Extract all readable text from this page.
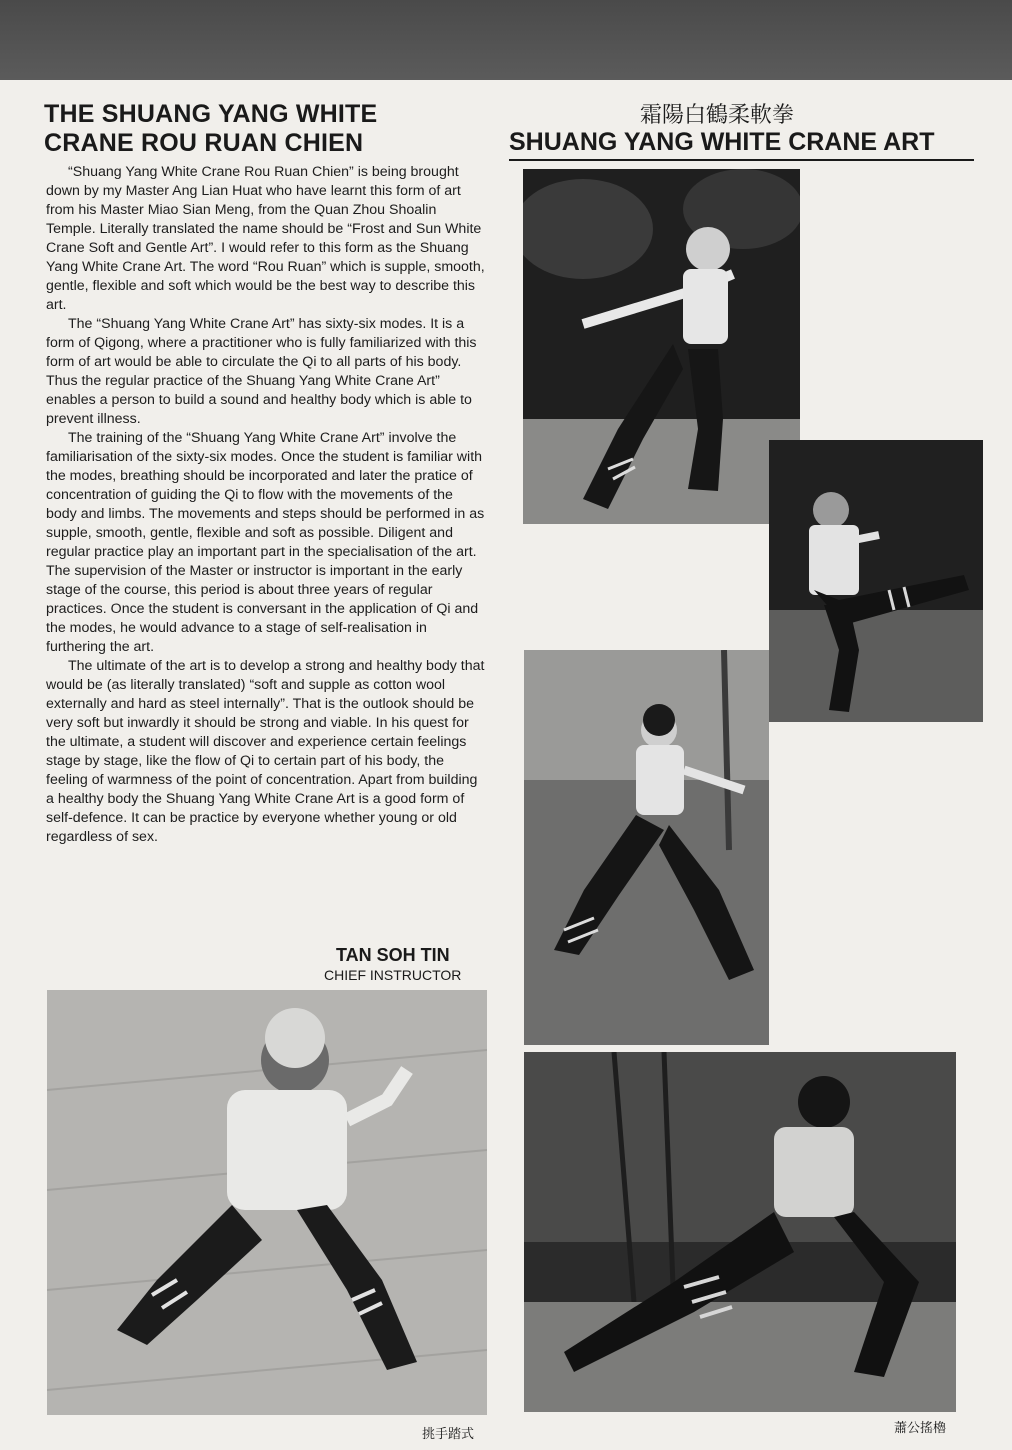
THE SHUANG YANG WHITE
CRANE ROU RUAN CHIEN
霜陽白鶴柔軟拳
SHUANG YANG WHITE CRANE ART

“Shuang Yang White Crane Rou Ruan Chien” is being brought down by my Master Ang Lian Huat who have learnt this form of art from his Master Miao Sian Meng, from the Quan Zhou Shoalin Temple. Literally translated the name should be “Frost and Sun White Crane Soft and Gentle Art”. I would refer to this form as the Shuang Yang White Crane Art. The word “Rou Ruan” which is supple, smooth, gentle, flexible and soft which would be the best way to describe this art.

The “Shuang Yang White Crane Art” has sixty-six modes. It is a form of Qigong, where a practitioner who is fully familiarized with this form of art would be able to circulate the Qi to all parts of his body. Thus the regular practice of the Shuang Yang White Crane Art” enables a person to build a sound and healthy body which is able to prevent illness.

The training of the “Shuang Yang White Crane Art” involve the familiarisation of the sixty-six modes. Once the student is familiar with the modes, breathing should be incorporated and later the pratice of concentration of guiding the Qi to flow with the movements of the body and limbs. The movements and steps should be performed in as supple, smooth, gentle, flexible and soft as possible. Diligent and regular practice play an important part in the specialisation of the art. The supervision of the Master or instructor is important in the early stage of the course, this period is about three years of regular practices. Once the student is conversant in the application of Qi and the modes, he would advance to a stage of self-realisation in furthering the art.

The ultimate of the art is to develop a strong and healthy body that would be (as literally translated) “soft and supple as cotton wool externally and hard as steel internally”. That is the outlook should be very soft but inwardly it should be strong and viable. In his quest for the ultimate, a student will discover and experience certain feelings stage by stage, like the flow of Qi to certain part of his body, the feeling of warmness of the point of concentration. Apart from building a healthy body the Shuang Yang White Crane Art is a good form of self-defence. It can be practice by everyone whether young or old regardless of sex.

TAN SOH TIN
CHIEF INSTRUCTOR
挑手踏式	蕭公搖櫓
